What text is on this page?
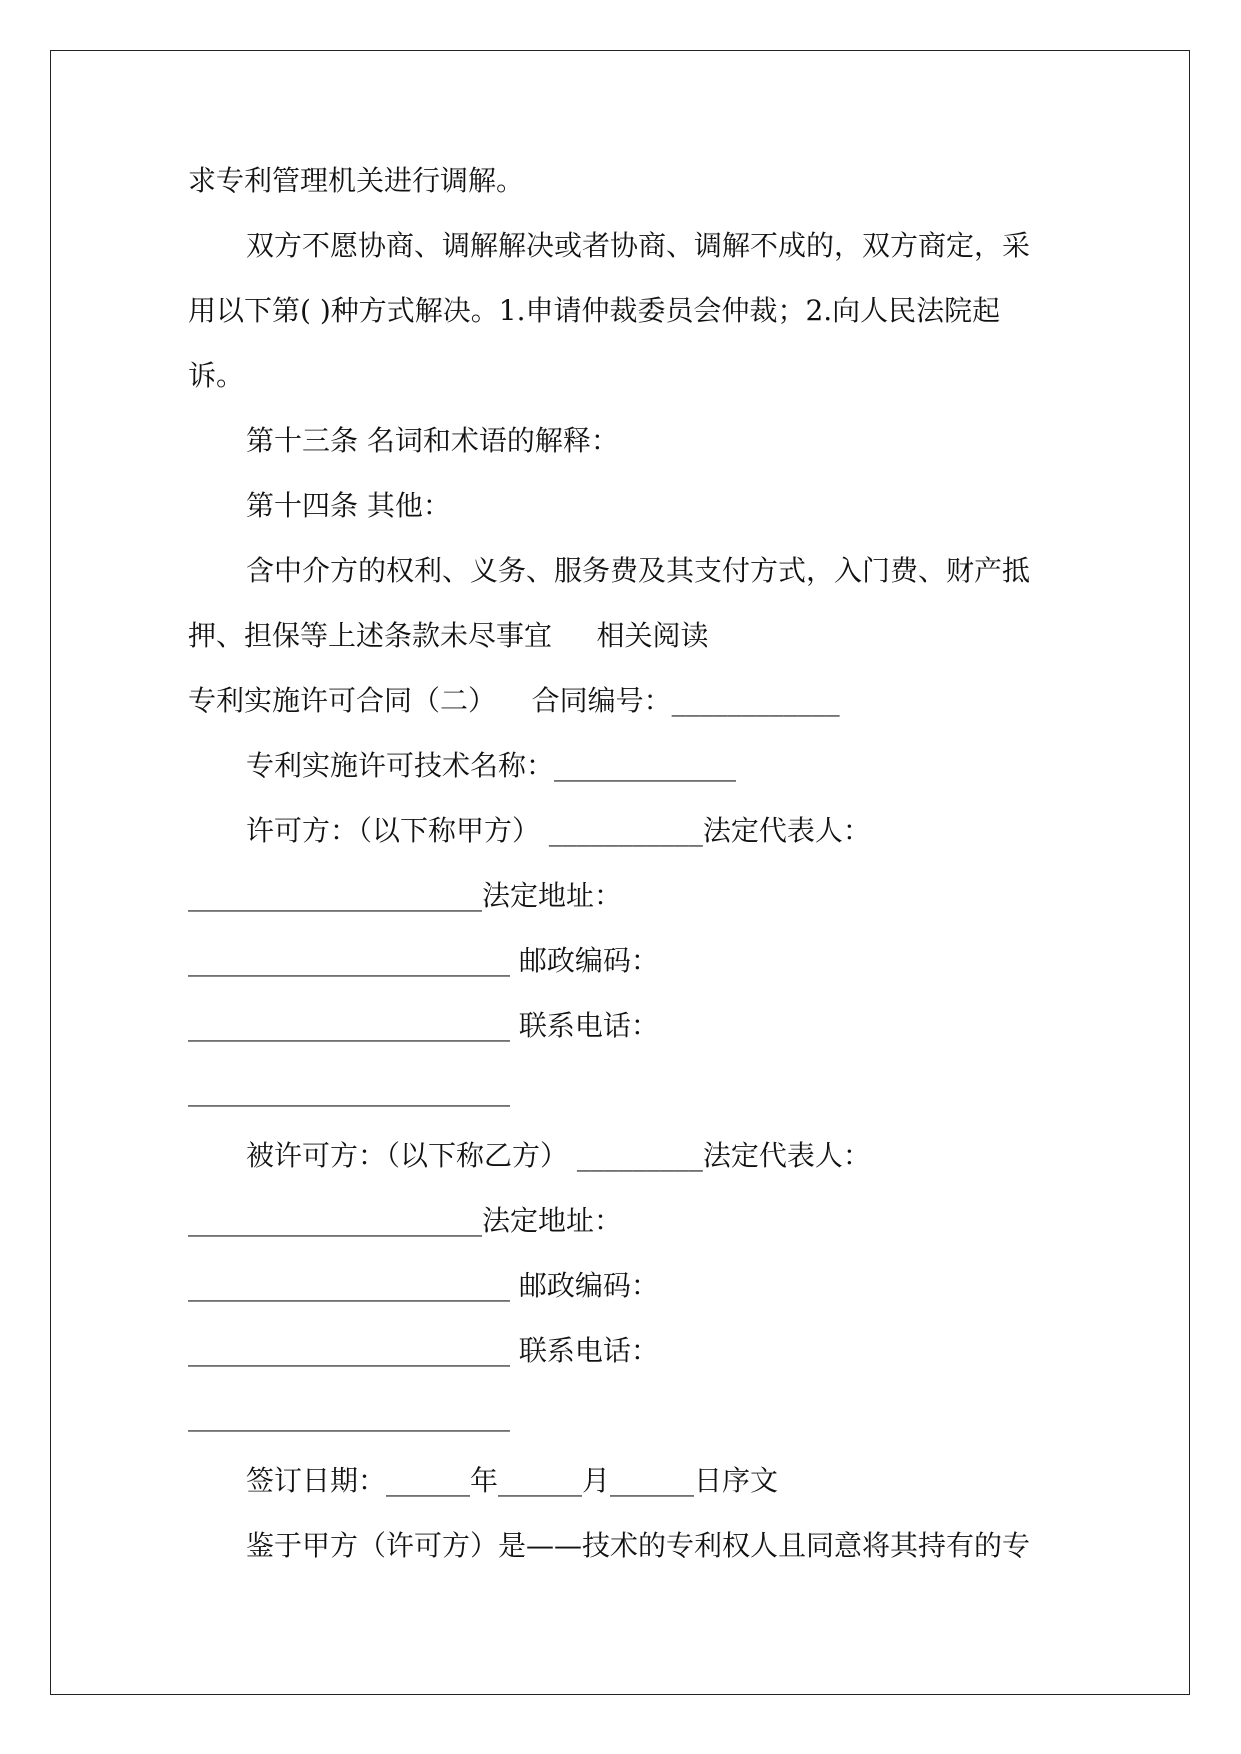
求专利管理机关进行调解。
双方不愿协商、调解解决或者协商、调解不成的，双方商定，采
用以下第( )种方式解决。1.申请仲裁委员会仲裁；2.向人民法院起
诉。
第十三条 名词和术语的解释：
第十四条 其他：
含中介方的权利、义务、服务费及其支付方式，入门费、财产抵
押、担保等上述条款未尽事宜     相关阅读
专利实施许可合同（二）    合同编号：____________
专利实施许可技术名称：_____________
许可方：（以下称甲方） ___________法定代表人：
_____________________法定地址：
_______________________ 邮政编码：
_______________________ 联系电话：
_______________________
被许可方：（以下称乙方） _________法定代表人：
_____________________法定地址：
_______________________ 邮政编码：
_______________________ 联系电话：
_______________________
签订日期：______年______月______日序文
鉴于甲方（许可方）是——技术的专利权人且同意将其持有的专
